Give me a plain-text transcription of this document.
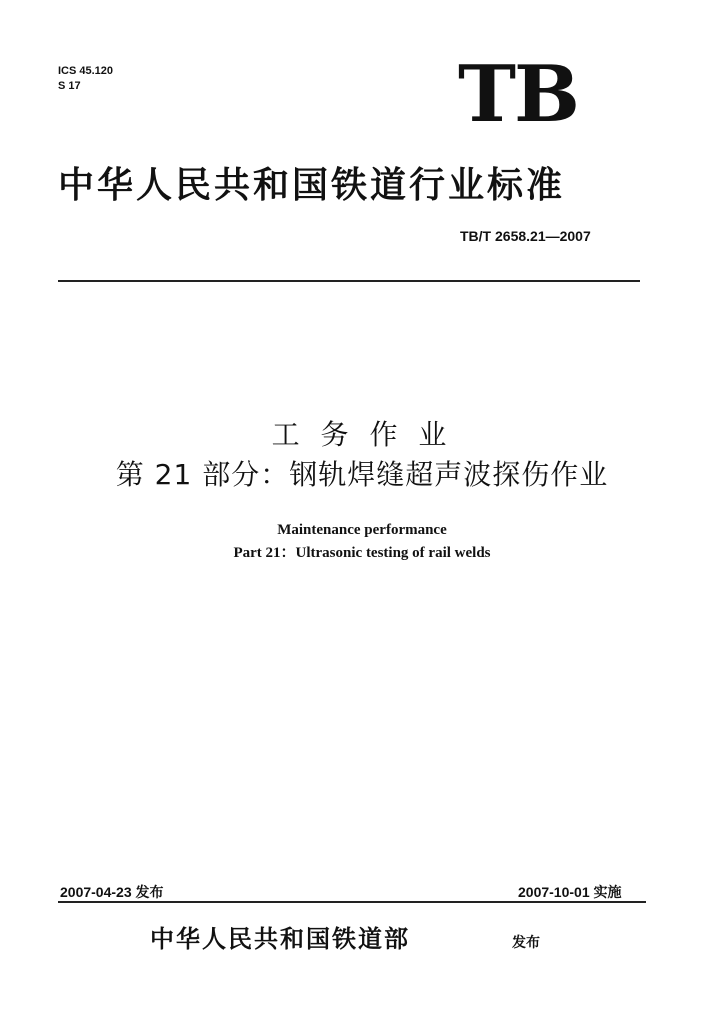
ICS 45.120
S 17	TB
中华人民共和国铁道行业标准
TB/T 2658.21—2007
工 务 作 业
第 21 部分：钢轨焊缝超声波探伤作业
Maintenance performance
Part 21：Ultrasonic testing of rail welds
2007-04-23 发布	2007-10-01 实施
中华人民共和国铁道部	发布
